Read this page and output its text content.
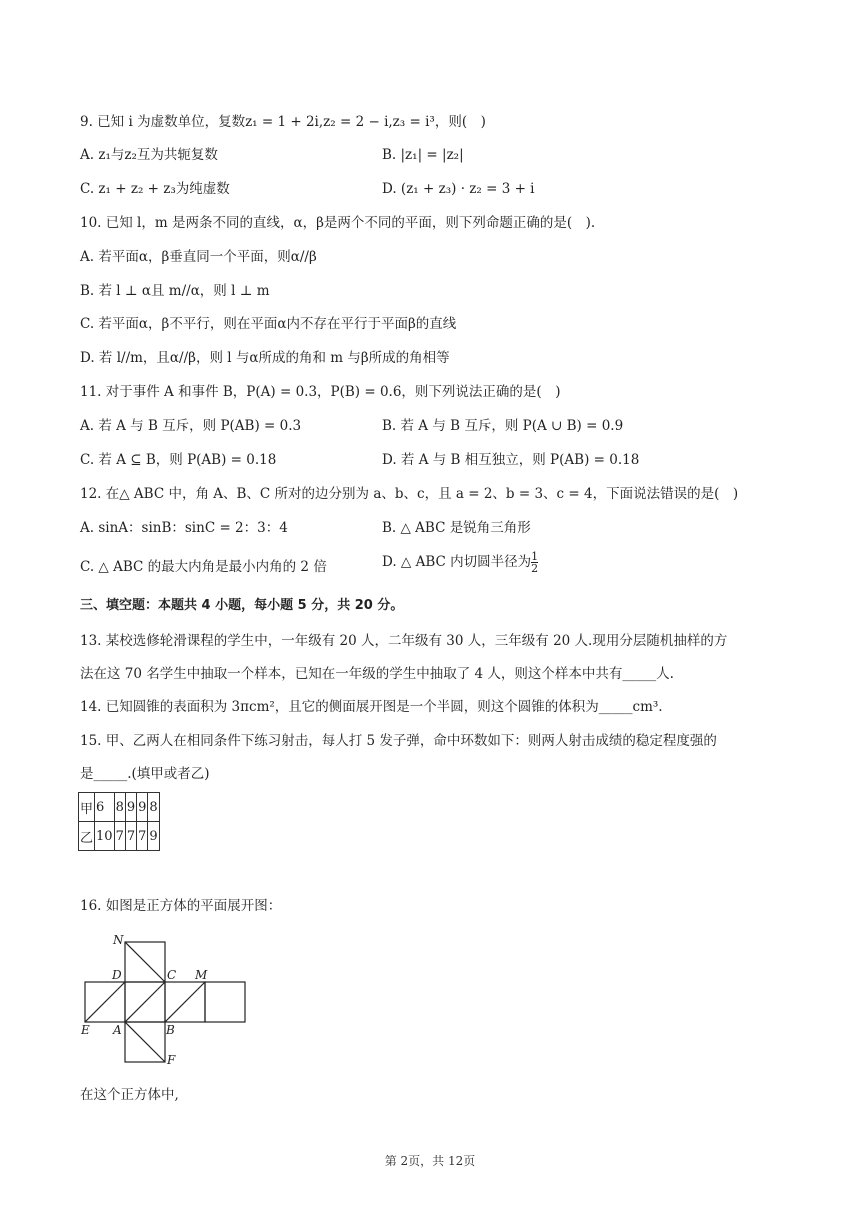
9. 已知 i 为虚数单位，复数z₁ = 1 + 2i,z₂ = 2 − i,z₃ = i³，则(　)
A. z₁与z₂互为共轭复数	B. |z₁| = |z₂|
C. z₁ + z₂ + z₃为纯虚数	D. (z₁ + z₃) · z₂ = 3 + i
10. 已知 l，m 是两条不同的直线，α，β是两个不同的平面，则下列命题正确的是(　).
A. 若平面α，β垂直同一个平面，则α//β
B. 若 l ⊥ α且 m//α，则 l ⊥ m
C. 若平面α，β不平行，则在平面α内不存在平行于平面β的直线
D. 若 l//m，且α//β，则 l 与α所成的角和 m 与β所成的角相等
11. 对于事件 A 和事件 B，P(A) = 0.3，P(B) = 0.6，则下列说法正确的是(　)
A. 若 A 与 B 互斥，则 P(AB) = 0.3	B. 若 A 与 B 互斥，则 P(A ∪ B) = 0.9
C. 若 A ⊆ B，则 P(AB) = 0.18	D. 若 A 与 B 相互独立，则 P(AB) = 0.18
12. 在△ ABC 中，角 A、B、C 所对的边分别为 a、b、c，且 a = 2、b = 3、c = 4，下面说法错误的是(　)
A. sinA：sinB：sinC = 2：3：4	B. △ ABC 是锐角三角形
C. △ ABC 的最大内角是最小内角的 2 倍	D. △ ABC 内切圆半径为 $\frac{1}{2}$
三、填空题：本题共 4 小题，每小题 5 分，共 20 分。
13. 某校选修轮滑课程的学生中，一年级有 20 人，二年级有 30 人，三年级有 20 人.现用分层随机抽样的方
法在这 70 名学生中抽取一个样本，已知在一年级的学生中抽取了 4 人，则这个样本中共有_____人.
14. 已知圆锥的表面积为 3πcm²，且它的侧面展开图是一个半圆，则这个圆锥的体积为_____cm³.
15. 甲、乙两人在相同条件下练习射击，每人打 5 发子弹，命中环数如下：则两人射击成绩的稳定程度强的
是_____.(填甲或者乙)
甲	6	8	9	9	8
乙	10	7	7	7	9
16. 如图是正方体的平面展开图：
N
D	C M
E A	B
F
在这个正方体中,
第 2页，共 12页
